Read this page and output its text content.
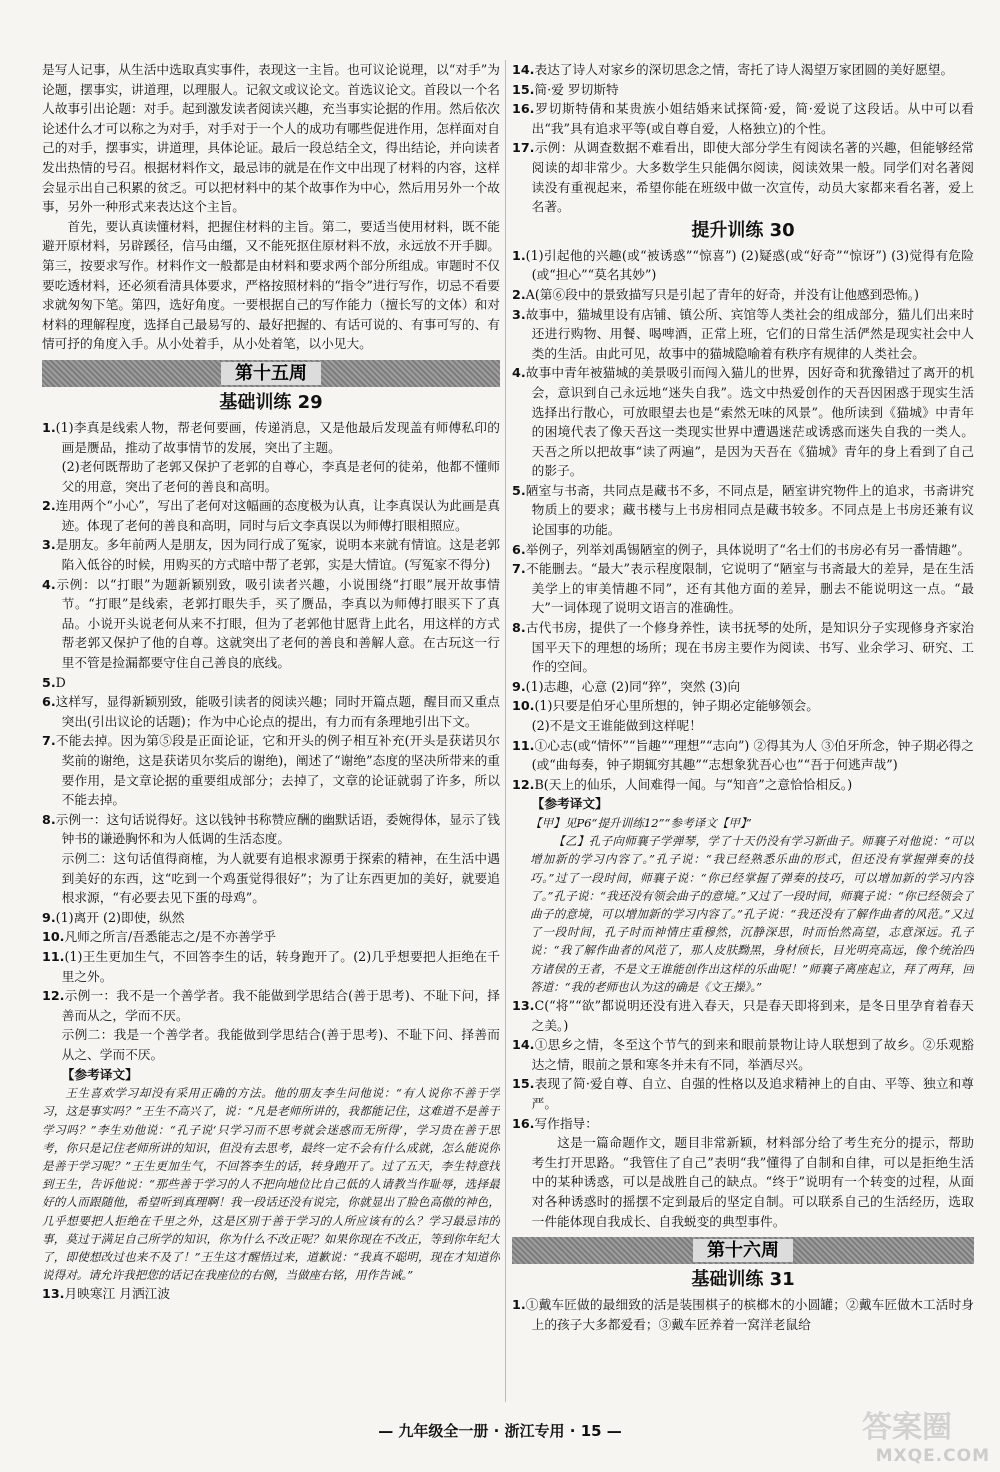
是写人记事，从生活中选取真实事件，表现这一主旨。也可议论说理，以“对手”为论题，摆事实，讲道理，以理服人。记叙文或议论文。首选议论文。首段以一个名人故事引出论题：对手。起到激发读者阅读兴趣，充当事实论据的作用。然后依次论述什么才可以称之为对手，对手对于一个人的成功有哪些促进作用，怎样面对自己的对手，摆事实，讲道理，具体论证。最后一段总结全文，得出结论，并向读者发出热情的号召。根据材料作文，最忌讳的就是在作文中出现了材料的内容，这样会显示出自己积累的贫乏。可以把材料中的某个故事作为中心，然后用另外一个故事，另外一种形式来表达这个主旨。

首先，要认真读懂材料，把握住材料的主旨。第二，要适当使用材料，既不能避开原材料，另辟蹊径，信马由缰，又不能死抠住原材料不放，永远放不开手脚。第三，按要求写作。材料作文一般都是由材料和要求两个部分所组成。审题时不仅要吃透材料，还必须看清具体要求，严格按照材料的“指令”进行写作，切忌不看要求就匆匆下笔。第四，选好角度。一要根据自己的写作能力（擅长写的文体）和对材料的理解程度，选择自己最易写的、最好把握的、有话可说的、有事可写的、有情可抒的角度入手。从小处着手，从小处着笔，以小见大。

第十五周
基础训练 29

1.(1)李真是线索人物，帮老何要画，传递消息，又是他最后发现盖有师傅私印的画是赝品，推动了故事情节的发展，突出了主题。

(2)老何既帮助了老郭又保护了老郭的自尊心，李真是老何的徒弟，他都不懂师父的用意，突出了老何的善良和高明。

2.连用两个“小心”，写出了老何对这幅画的态度极为认真，让李真误认为此画是真迹。体现了老何的善良和高明，同时与后文李真误以为师傅打眼相照应。

3.是朋友。多年前两人是朋友，因为同行成了冤家，说明本来就有情谊。这是老郭陷入低谷的时候，用购买的方式暗中帮了老郭，实是大情谊。(写冤家不得分)

4.示例：以“打眼”为题新颖别致，吸引读者兴趣，小说围绕“打眼”展开故事情节。“打眼”是线索，老郭打眼失手，买了赝品，李真以为师傅打眼买下了真品。小说开头说老何从来不打眼，但为了老郭他甘愿背上此名，用这样的方式帮老郭又保护了他的自尊。这就突出了老何的善良和善解人意。在古玩这一行里不管是捡漏都要守住自己善良的底线。

5.D

6.这样写，显得新颖别致，能吸引读者的阅读兴趣；同时开篇点题，醒目而又重点突出(引出议论的话题)；作为中心论点的提出，有力而有条理地引出下文。

7.不能去掉。因为第⑤段是正面论证，它和开头的例子相互补充(开头是获诺贝尔奖前的谢绝，这是获诺贝尔奖后的谢绝)，阐述了“谢绝”态度的坚决所带来的重要作用，是文章论据的重要组成部分；去掉了，文章的论证就弱了许多，所以不能去掉。

8.示例一：这句话说得好。这以钱钟书称赞应酬的幽默话语，委婉得体，显示了钱钟书的谦逊胸怀和为人低调的生活态度。

示例二：这句话值得商榷，为人就要有追根求源勇于探索的精神，在生活中遇到美好的东西，这“吃到一个鸡蛋觉得很好”；为了让东西更加的美好，就要追根求源，“有必要去见下蛋的母鸡”。

9.(1)离开 (2)即使，纵然

10.凡师之所言/吾悉能志之/是不亦善学乎

11.(1)王生更加生气，不回答李生的话，转身跑开了。(2)几乎想要把人拒绝在千里之外。

12.示例一：我不是一个善学者。我不能做到学思结合(善于思考)、不耻下问，择善而从之，学而不厌。

示例二：我是一个善学者。我能做到学思结合(善于思考)、不耻下问、择善而从之、学而不厌。

【参考译文】

王生喜欢学习却没有采用正确的方法。他的朋友李生问他说：“有人说你不善于学习，这是事实吗？”王生不高兴了，说：“凡是老师所讲的，我都能记住，这难道不是善于学习吗？”李生劝他说：“孔子说‘只学习而不思考就会迷惑而无所得’，学习贵在善于思考，你只是记住老师所讲的知识，但没有去思考，最终一定不会有什么成就，怎么能说你是善于学习呢？”王生更加生气，不回答李生的话，转身跑开了。过了五天，李生特意找到王生，告诉他说：“那些善于学习的人不把向地位比自己低的人请教当作耻辱，选择最好的人而跟随他，希望听到真理啊！我一段话还没有说完，你就显出了脸色高傲的神色，几乎想要把人拒绝在千里之外，这是区别于善于学习的人所应该有的么？学习最忌讳的事，莫过于满足自己所学的知识，你为什么不改正呢？如果你现在不改正，等到你年纪大了，即使想改过也来不及了！”王生这才醒悟过来，道歉说：“我真不聪明，现在才知道你说得对。请允许我把您的话记在我座位的右侧，当做座右铭，用作告诫。”

13.月映寒江 月洒江波

14.表达了诗人对家乡的深切思念之情，寄托了诗人渴望万家团圆的美好愿望。

15.简·爱 罗切斯特

16.罗切斯特倩和某贵族小姐结婚来试探简·爱，简·爱说了这段话。从中可以看出“我”具有追求平等(或自尊自爱，人格独立)的个性。

17.示例：从调查数据不难看出，即使大部分学生有阅读名著的兴趣，但能够经常阅读的却非常少。大多数学生只能偶尔阅读，阅读效果一般。同学们对名著阅读没有重视起来，希望你能在班级中做一次宣传，动员大家都来看名著，爱上名著。

提升训练 30

1.(1)引起他的兴趣(或“被诱惑”“惊喜”) (2)疑惑(或“好奇”“惊讶”) (3)觉得有危险(或“担心”“莫名其妙”)

2.A(第⑥段中的景致描写只是引起了青年的好奇，并没有让他感到恐怖。)

3.故事中，猫城里设有店铺、镇公所、宾馆等人类社会的组成部分，猫儿们出来时还进行购物、用餐、喝啤酒，正常上班，它们的日常生活俨然是现实社会中人类的生活。由此可见，故事中的猫城隐喻着有秩序有规律的人类社会。

4.故事中青年被猫城的美景吸引而闯入猫儿的世界，因好奇和犹豫错过了离开的机会，意识到自己永远地“迷失自我”。选文中热爱创作的天吾因困惑于现实生活选择出行散心，可放眼望去也是“索然无味的风景”。他所读到《猫城》中青年的困境代表了像天吾这一类现实世界中遭遇迷茫或诱惑而迷失自我的一类人。天吾之所以把故事“读了两遍”，是因为天吾在《猫城》青年的身上看到了自己的影子。

5.陋室与书斋，共同点是藏书不多，不同点是，陋室讲究物件上的追求，书斋讲究物质上的要求；藏书楼与上书房相同点是藏书较多。不同点是上书房还兼有议论国事的功能。

6.举例子，列举刘禹锡陋室的例子，具体说明了“名士们的书房必有另一番情趣”。

7.不能删去。“最大”表示程度限制，它说明了“陋室与书斋最大的差异，是在生活美学上的审美情趣不同”，还有其他方面的差异，删去不能说明这一点。“最大”一词体现了说明文语言的准确性。

8.古代书房，提供了一个修身养性，读书抚琴的处所，是知识分子实现修身齐家治国平天下的理想的场所；现在书房主要作为阅读、书写、业余学习、研究、工作的空间。

9.(1)志趣，心意 (2)同“猝”，突然 (3)向

10.(1)只要是伯牙心里所想的，钟子期必定能够领会。

(2)不是文王谁能做到这样呢！

11.①心志(或“情怀”“旨趣”“理想”“志向”) ②得其为人 ③伯牙所念，钟子期必得之(或“曲每奏，钟子期辄穷其趣”“志想象犹吾心也”“吾于何逃声哉”)

12.B(天上的仙乐，人间难得一闻。与“知音”之意恰恰相反。)

【参考译文】

【甲】见P6“提升训练12”“参考译文【甲】”

【乙】孔子向师襄子学弹琴，学了十天仍没有学习新曲子。师襄子对他说：“可以增加新的学习内容了。”孔子说：“我已经熟悉乐曲的形式，但还没有掌握弹奏的技巧。”过了一段时间，师襄子说：“你已经掌握了弹奏的技巧，可以增加新的学习内容了。”孔子说：“我还没有领会曲子的意境。”又过了一段时间，师襄子说：“你已经领会了曲子的意境，可以增加新的学习内容了。”孔子说：“我还没有了解作曲者的风范。”又过了一段时间，孔子时而神情庄重穆然，沉静深思，时而怡然高望，志意深远。孔子说：“我了解作曲者的风范了，那人皮肤黝黑，身材颀长，目光明亮高远，像个统治四方诸侯的王者，不是文王谁能创作出这样的乐曲呢！”师襄子离座起立，拜了两拜，回答道：“我的老师也认为这的确是《文王操》。”

13.C(“将”“欲”都说明还没有进入春天，只是春天即将到来，是冬日里孕育着春天之美。)

14.①思乡之情，冬至这个节气的到来和眼前景物让诗人联想到了故乡。②乐观豁达之情，眼前之景和寒冬并未有不同，举酒尽兴。

15.表现了简·爱自尊、自立、自强的性格以及追求精神上的自由、平等、独立和尊严。

16.写作指导：

这是一篇命题作文，题目非常新颖，材料部分给了考生充分的提示，帮助考生打开思路。“我管住了自己”表明“我”懂得了自制和自律，可以是拒绝生活中的某种诱惑，可以是战胜自己的缺点。“终于”说明有一个转变的过程，从面对各种诱惑时的摇摆不定到最后的坚定自制。可以联系自己的生活经历，选取一件能体现自我成长、自我蜕变的典型事件。

第十六周
基础训练 31

1.①戴车匠做的最细致的活是装围棋子的槟榔木的小圆罐；②戴车匠做木工活时身上的孩子大多都爱看；③戴车匠养着一窝洋老鼠给

— 九年级全一册 · 浙江专用 · 15 —	答案圈
MXQE.COM
